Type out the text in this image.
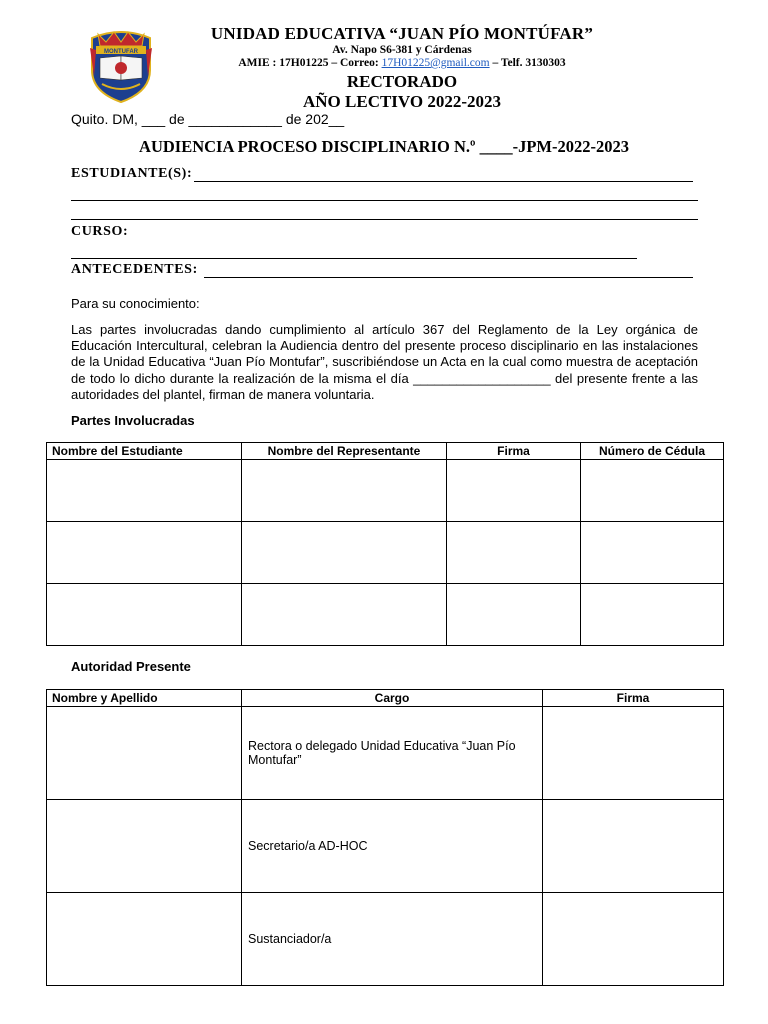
MONTUFAR
UNIDAD EDUCATIVA “JUAN PÍO MONTÚFAR”
Av. Napo S6-381 y Cárdenas
AMIE : 17H01225 – Correo: 17H01225@gmail.com – Telf. 3130303
RECTORADO
AÑO LECTIVO 2022-2023
Quito. DM, ___ de ____________ de 202__
AUDIENCIA PROCESO DISCIPLINARIO N.º ____-JPM-2022-2023
ESTUDIANTE(S):
CURSO:
ANTECEDENTES:
Para su conocimiento:
Las partes involucradas dando cumplimiento al artículo 367 del Reglamento de la Ley orgánica de Educación Intercultural, celebran la Audiencia dentro del presente proceso disciplinario en las instalaciones de la Unidad Educativa “Juan Pío Montufar”, suscribiéndose un Acta en la cual como muestra de aceptación de todo lo dicho durante la realización de la misma el día ___________________ del presente frente a las autoridades del plantel, firman de manera voluntaria.
Partes Involucradas
Nombre del Estudiante	Nombre del Representante	Firma	Número de Cédula

Autoridad Presente
Nombre y Apellido	Cargo	Firma
	Rectora o delegado Unidad Educativa “Juan Pío Montufar”	
	Secretario/a AD-HOC	
	Sustanciador/a	
